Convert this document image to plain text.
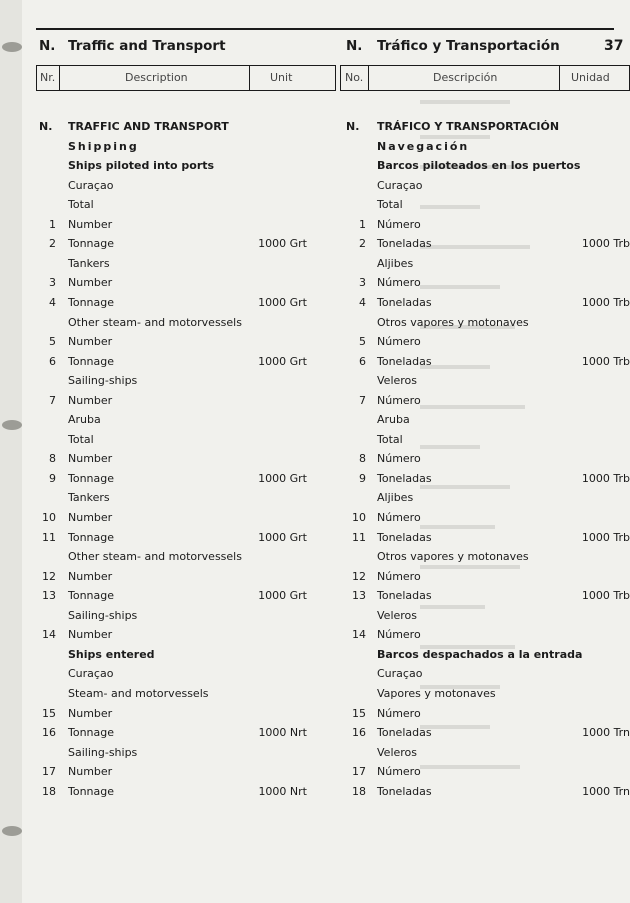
N. Traffic and Transport	N. Tráfico y Transportación	37
Nr.	Description	Unit	No.	Descripción	Unidad
N.	TRAFFIC AND TRANSPORT
Shipping
Ships piloted into ports
Curaçao
Total
1 Number
2 Tonnage	1000 Grt
Tankers
3 Number
4 Tonnage	1000 Grt
Other steam- and motorvessels
5 Number
6 Tonnage	1000 Grt
Sailing-ships
7 Number
Aruba
Total
8 Number
9 Tonnage	1000 Grt
Tankers
10 Number
11 Tonnage	1000 Grt
Other steam- and motorvessels
12 Number
13 Tonnage	1000 Grt
Sailing-ships
14 Number
Ships entered
Curaçao
Steam- and motorvessels
15 Number
16 Tonnage	1000 Nrt
Sailing-ships
17 Number
18 Tonnage	1000 Nrt
N.	TRÁFICO Y TRANSPORTACIÓN
Navegación
Barcos piloteados en los puertos
Curaçao
Total
1 Número
2 Toneladas	1000 Trb
Aljibes
3 Número
4 Toneladas	1000 Trb
Otros vapores y motonaves
5 Número
6 Toneladas	1000 Trb
Veleros
7 Número
Aruba
Total
8 Número
9 Toneladas	1000 Trb
Aljibes
10 Número
11 Toneladas	1000 Trb
Otros vapores y motonaves
12 Número
13 Toneladas	1000 Trb
Veleros
14 Número
Barcos despachados a la entrada
Curaçao
Vapores y motonaves
15 Número
16 Toneladas	1000 Trn
Veleros
17 Número
18 Toneladas	1000 Trn
